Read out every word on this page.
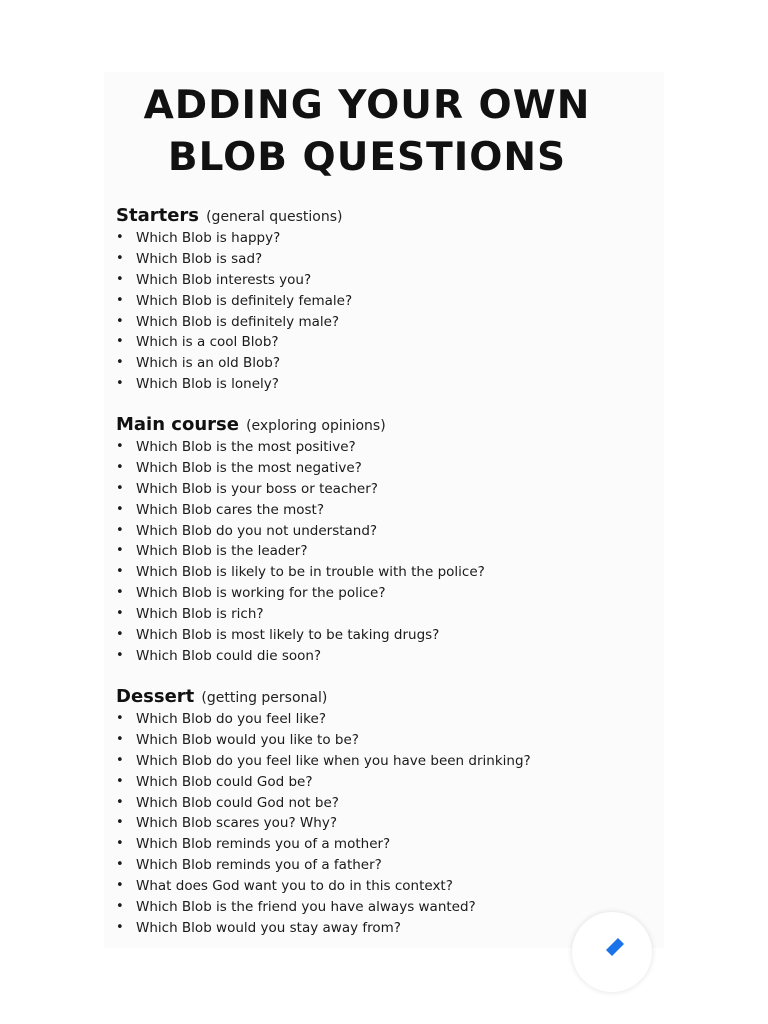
ADDING YOUR OWN
BLOB QUESTIONS
Starters (general questions)
• Which Blob is happy?
• Which Blob is sad?
• Which Blob interests you?
• Which Blob is definitely female?
• Which Blob is definitely male?
• Which is a cool Blob?
• Which is an old Blob?
• Which Blob is lonely?
Main course (exploring opinions)
• Which Blob is the most positive?
• Which Blob is the most negative?
• Which Blob is your boss or teacher?
• Which Blob cares the most?
• Which Blob do you not understand?
• Which Blob is the leader?
• Which Blob is likely to be in trouble with the police?
• Which Blob is working for the police?
• Which Blob is rich?
• Which Blob is most likely to be taking drugs?
• Which Blob could die soon?
Dessert (getting personal)
• Which Blob do you feel like?
• Which Blob would you like to be?
• Which Blob do you feel like when you have been drinking?
• Which Blob could God be?
• Which Blob could God not be?
• Which Blob scares you? Why?
• Which Blob reminds you of a mother?
• Which Blob reminds you of a father?
• What does God want you to do in this context?
• Which Blob is the friend you have always wanted?
• Which Blob would you stay away from?
